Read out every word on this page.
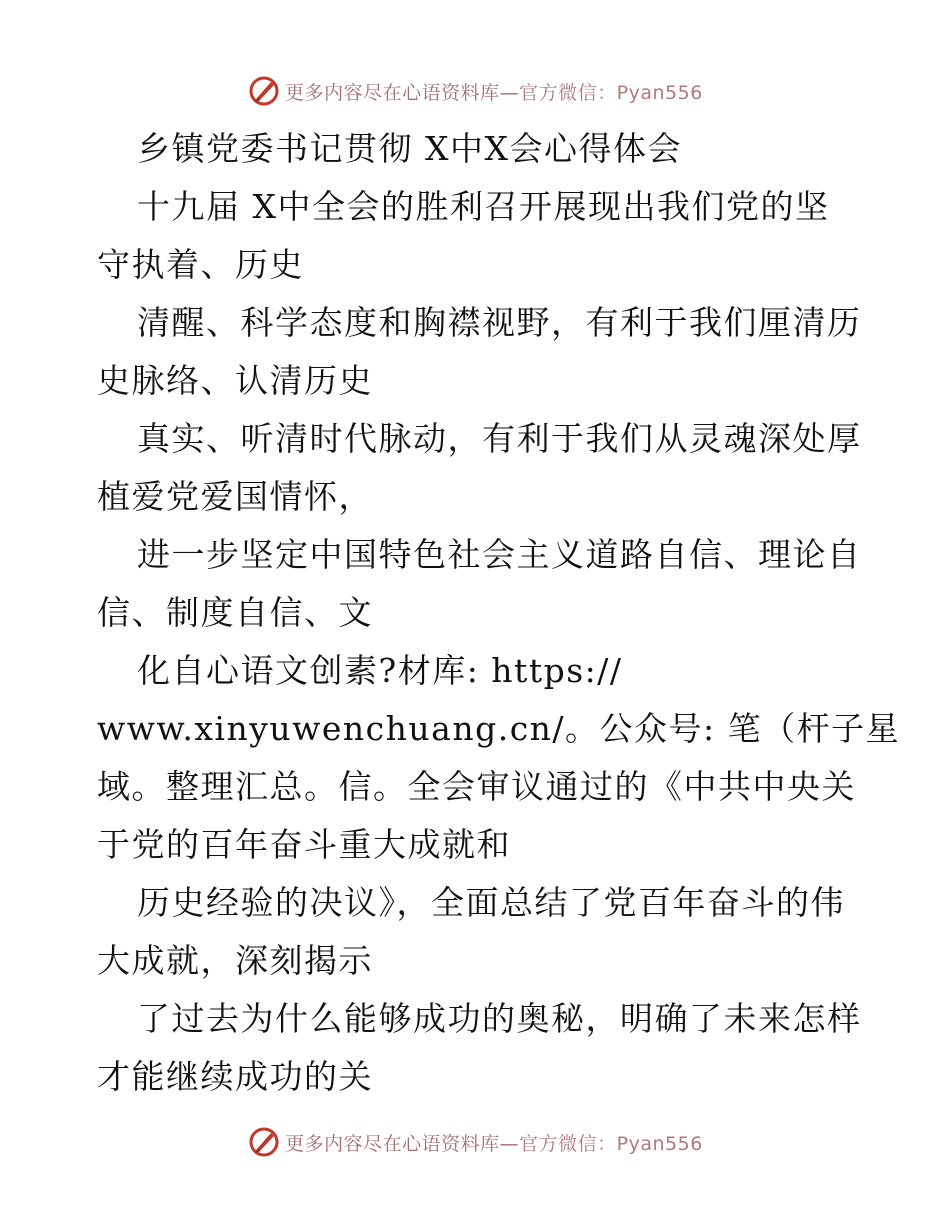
更多内容尽在心语资料库— 官方微信：Pyan556
乡镇党委书记贯彻 X中X会心得体会
十九届 X中全会的胜利召开展现出我们党的坚
守执着、历史
清醒、科学态度和胸襟视野，有利于我们厘清历
史脉络、认清历史
真实、听清时代脉动，有利于我们从灵魂深处厚
植爱党爱国情怀，
进一步坚定中国特色社会主义道路自信、理论自
信、制度自信、文
化自心语文创素?材库: https://
www.xinyuwenchuang.cn/。公众号: 笔（杆子星
域。整理汇总。信。全会审议通过的《中共中央关
于党的百年奋斗重大成就和
历史经验的决议》，全面总结了党百年奋斗的伟
大成就，深刻揭示
了过去为什么能够成功的奥秘，明确了未来怎样
才能继续成功的关
更多内容尽在心语资料库— 官方微信：Pyan556
